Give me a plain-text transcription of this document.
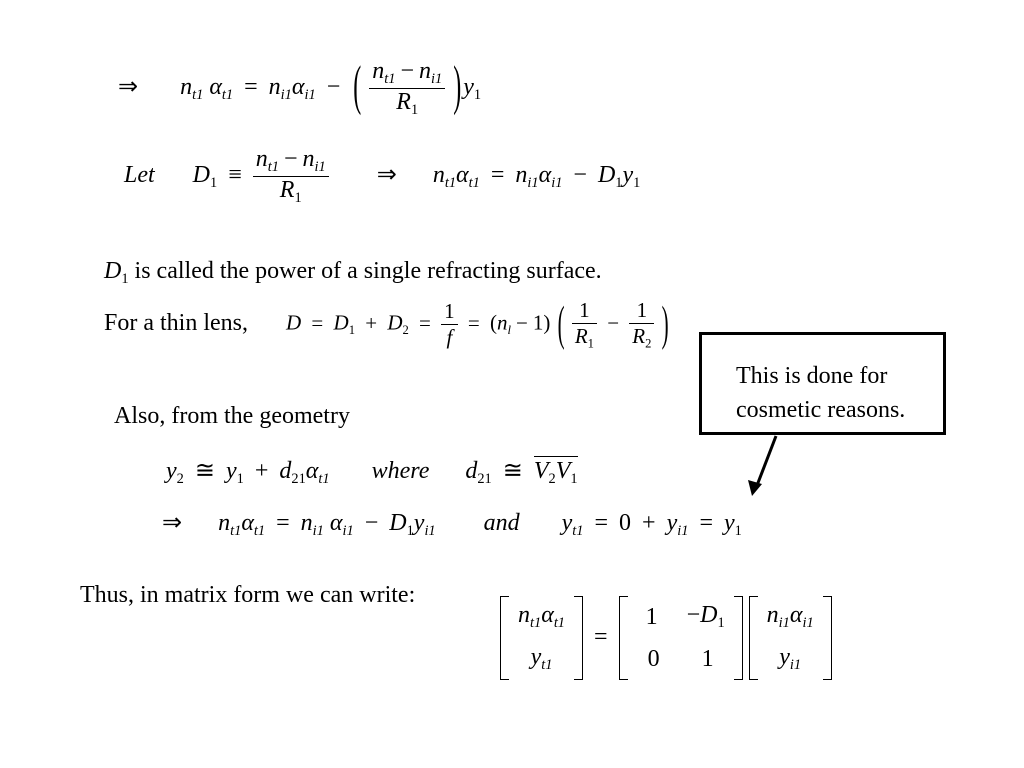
⇒ $n_{t1}$ $\alpha_{t1} = n_{i1}\alpha_{i1}$ − ( $\frac{n_{t1} - n_{i1}}{R_1} )y_1$
Let $D_1 \equiv \frac{n_{t1} - n_{i1}}{R_1}$ ⇒ $n_{t1}\alpha_{t1} = n_{i1}\alpha_{i1} - D_1y_1$
$D_1$ is called the power of a single refracting surface.
For a thin lens, $D = D_1 + D_2 = \frac{1}{f} = (n_l - 1)$ ( $\frac{1}{R_1} - \frac{1}{R_2}$ )
This is done for
cosmetic reasons.
Also, from the geometry
$y_2$ ≅ $y_1 + d_{21}\alpha_{t1}$ where $d_{21}$ ≅ $V_2V_1$
⇒ $n_{t1}\alpha_{t1} = n_{i1}$ $\alpha_{i1} - D_1y_{i1}$ and $y_{t1} = 0 + y_{i1} = y_1$
Thus, in matrix form we can write:
$n_{t1}\alpha_{t1}$
$y_{t1}$
=
1	$-D_1$
0	1

$n_{i1}\alpha_{i1}$
$y_{i1}$
